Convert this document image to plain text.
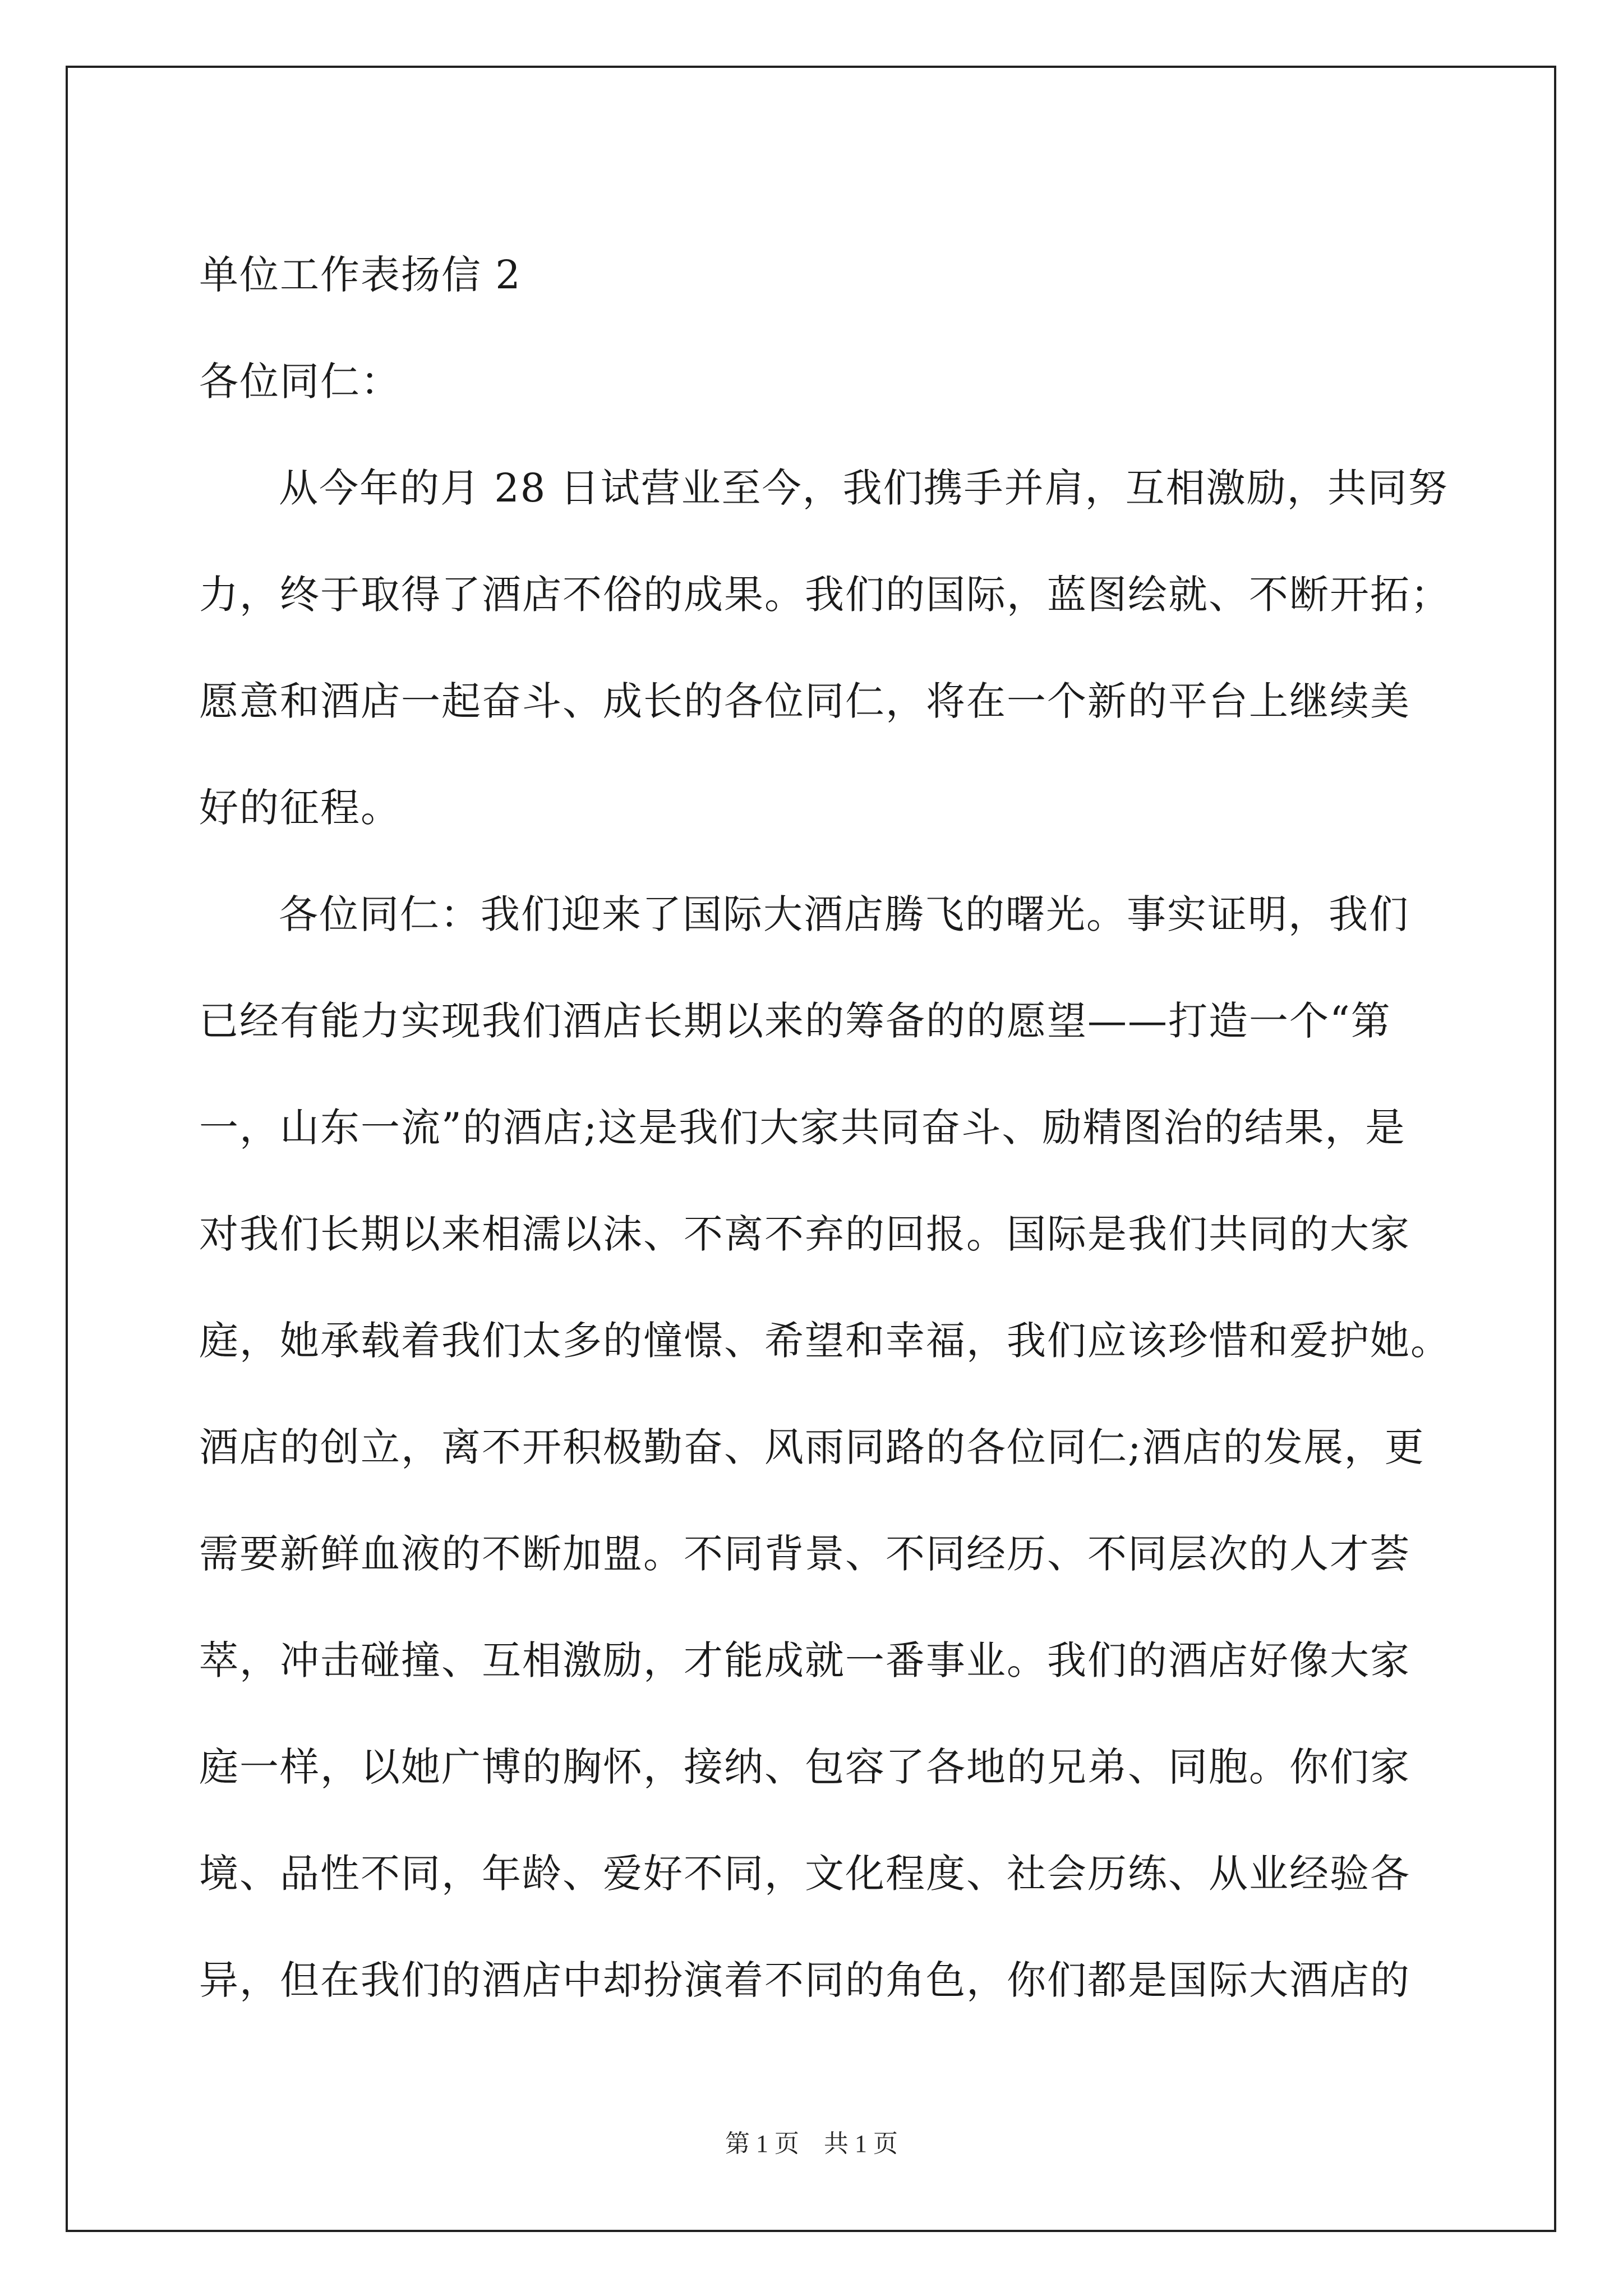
单位工作表扬信 2
各位同仁：
从今年的月 28 日试营业至今，我们携手并肩，互相激励，共同努
力，终于取得了酒店不俗的成果。我们的国际，蓝图绘就、不断开拓；
愿意和酒店一起奋斗、成长的各位同仁，将在一个新的平台上继续美
好的征程。
各位同仁：我们迎来了国际大酒店腾飞的曙光。事实证明，我们
已经有能力实现我们酒店长期以来的筹备的的愿望——打造一个“第
一，山东一流”的酒店;这是我们大家共同奋斗、励精图治的结果，是
对我们长期以来相濡以沫、不离不弃的回报。国际是我们共同的大家
庭，她承载着我们太多的憧憬、希望和幸福，我们应该珍惜和爱护她。
酒店的创立，离不开积极勤奋、风雨同路的各位同仁;酒店的发展，更
需要新鲜血液的不断加盟。不同背景、不同经历、不同层次的人才荟
萃，冲击碰撞、互相激励，才能成就一番事业。我们的酒店好像大家
庭一样，以她广博的胸怀，接纳、包容了各地的兄弟、同胞。你们家
境、品性不同，年龄、爱好不同，文化程度、社会历练、从业经验各
异，但在我们的酒店中却扮演着不同的角色，你们都是国际大酒店的
第 1 页　共 1 页
